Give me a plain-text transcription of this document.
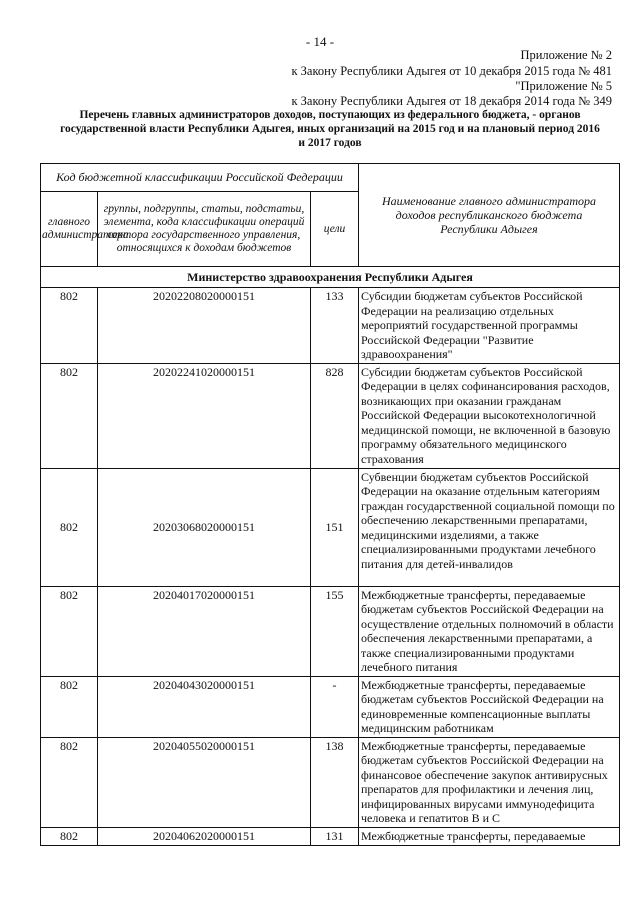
- 14 -
Приложение № 2
к Закону Республики Адыгея от 10 декабря 2015 года № 481
"Приложение № 5
к Закону Республики Адыгея от 18 декабря 2014 года № 349
Перечень главных администраторов доходов, поступающих из федерального бюджета, - органов государственной власти Республики Адыгея, иных организаций на 2015 год и на плановый период 2016 и 2017 годов
Код бюджетной классификации Российской Федерации			Наименование главного администратора доходов республиканского бюджета Республики Адыгея
главного администратора	группы, подгруппы, статьи, подстатьи, элемента, кода классификации операций сектора государственного управления, относящихся к доходам бюджетов	цели	
Министерство здравоохранения Республики Адыгея			
802	20202208020000151	133	Субсидии бюджетам субъектов Российской Федерации на реализацию отдельных мероприятий государственной программы Российской Федерации "Развитие здравоохранения"
802	20202241020000151	828	Субсидии бюджетам субъектов Российской Федерации в целях софинансирования расходов, возникающих при оказании гражданам Российской Федерации высокотехнологичной медицинской помощи, не включенной в базовую программу обязательного медицинского страхования
802	20203068020000151	151	Субвенции бюджетам субъектов Российской Федерации на оказание отдельным категориям граждан государственной социальной помощи по обеспечению лекарственными препаратами, медицинскими изделиями, а также специализированными продуктами лечебного питания для детей-инвалидов
802	20204017020000151	155	Межбюджетные трансферты, передаваемые бюджетам субъектов Российской Федерации на осуществление отдельных полномочий в области обеспечения лекарственными препаратами, а также специализированными продуктами лечебного питания
802	20204043020000151	-	Межбюджетные трансферты, передаваемые бюджетам субъектов Российской Федерации на единовременные компенсационные выплаты медицинским работникам
802	20204055020000151	138	Межбюджетные трансферты, передаваемые бюджетам субъектов Российской Федерации на финансовое обеспечение закупок антивирусных препаратов для профилактики и лечения лиц, инфицированных вирусами иммунодефицита человека и гепатитов В и С
802	20204062020000151	131	Межбюджетные трансферты, передаваемые
